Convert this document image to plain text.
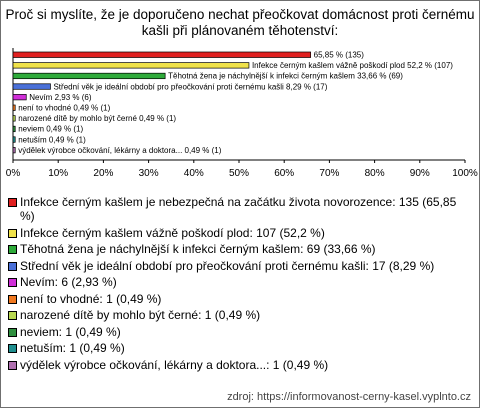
Proč si myslíte, že je doporučeno nechat přeočkovat domácnost proti černému kašli při plánovaném těhotenství:
0%	10%	20%	30%	40%	50%	60%	70%	80%	90% 100%
65,85 % (135)
Infekce černým kašlem vážně poškodí plod 52,2 % (107)
Těhotná žena je náchylnější k infekci černým kašlem 33,66 % (69)
Střední věk je ideální období pro přeočkování proti černému kašli 8,29 % (17)
Nevím 2,93 % (6)
není to vhodné 0,49 % (1)
narozené dítě by mohlo být černé 0,49 % (1)
neviem 0,49 % (1)
netuším 0,49 % (1)
výdělek výrobce očkování, lékárny a doktora... 0,49 % (1)
Infekce černým kašlem je nebezpečná na začátku života novorozence: 135 (65,85 %)
Infekce černým kašlem vážně poškodí plod: 107 (52,2 %)
Těhotná žena je náchylnější k infekci černým kašlem: 69 (33,66 %)
Střední věk je ideální období pro přeočkování proti černému kašli: 17 (8,29 %)
Nevím: 6 (2,93 %)
není to vhodné: 1 (0,49 %)
narozené dítě by mohlo být černé: 1 (0,49 %)
neviem: 1 (0,49 %)
netuším: 1 (0,49 %)
výdělek výrobce očkování, lékárny a doktora...: 1 (0,49 %)
zdroj: https://informovanost-cerny-kasel.vyplnto.cz
